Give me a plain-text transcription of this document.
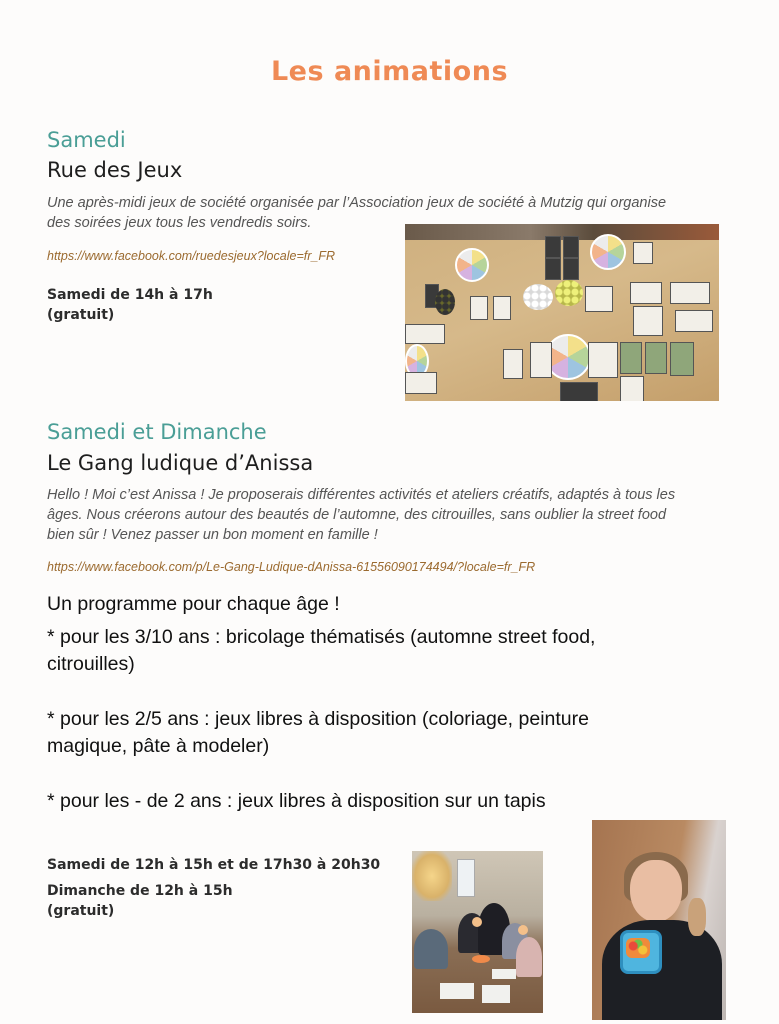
Les animations
Samedi
Rue des Jeux
Une après-midi jeux de société organisée par l’Association jeux de société à Mutzig qui organise
des soirées jeux tous les vendredis soirs.
https://www.facebook.com/ruedesjeux?locale=fr_FR
Samedi de 14h à 17h
(gratuit)
Samedi et Dimanche
Le Gang ludique d’Anissa
Hello ! Moi c’est Anissa ! Je proposerais différentes activités et ateliers créatifs, adaptés à tous les
âges. Nous créerons autour des beautés de l’automne, des citrouilles, sans oublier la street food
bien sûr ! Venez passer un bon moment en famille !
https://www.facebook.com/p/Le-Gang-Ludique-dAnissa-61556090174494/?locale=fr_FR
Un programme pour chaque âge !
* pour les 3/10 ans : bricolage thématisés (automne street food,
citrouilles)
* pour les 2/5 ans : jeux libres à disposition (coloriage, peinture
magique, pâte à modeler)
* pour les - de 2 ans : jeux libres à disposition sur un tapis
Samedi de 12h à 15h et de 17h30 à 20h30
Dimanche de 12h à 15h
(gratuit)
